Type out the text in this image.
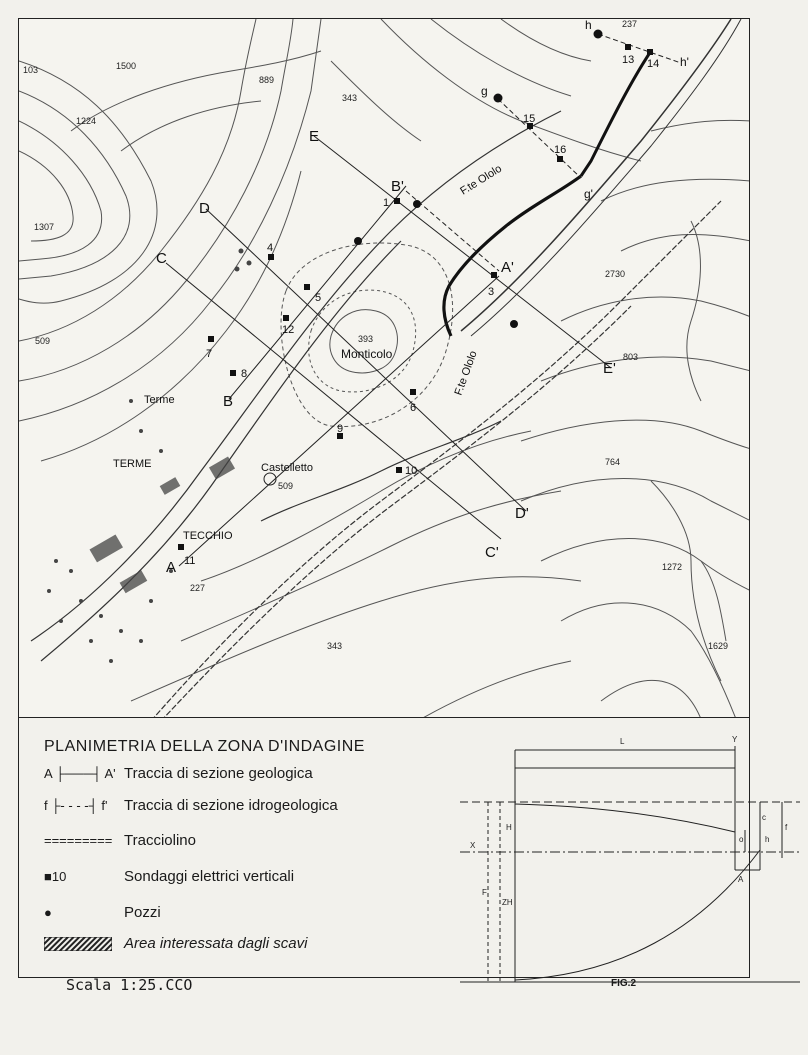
A
A'
B
B'
C
C'
D
D'
E
E'
g
g'
h
h'
1
3
4
5
6
7
8
9
10
11
12
13 14
15
16
103	1500
889
343
1224
1307
509	393
509
227
343
2730
803
764
1272
1629
237
Monticolo
Castelletto
Terme
TERME
TECCHIO
F.te Ololo
F.te Ololo
PLANIMETRIA DELLA ZONA D'INDAGINE
A ├───┤ A' Traccia di sezione geologica
f ├- - - -┤ f'	Traccia di sezione idrogeologica
========= Tracciolino
■10	Sondaggi elettrici verticali
●	Pozzi
Area interessata dagli scavi
Scala 1:25.CCO
L	Y
H
X
F
ZH
c
h
f
o
A
FIG.2
